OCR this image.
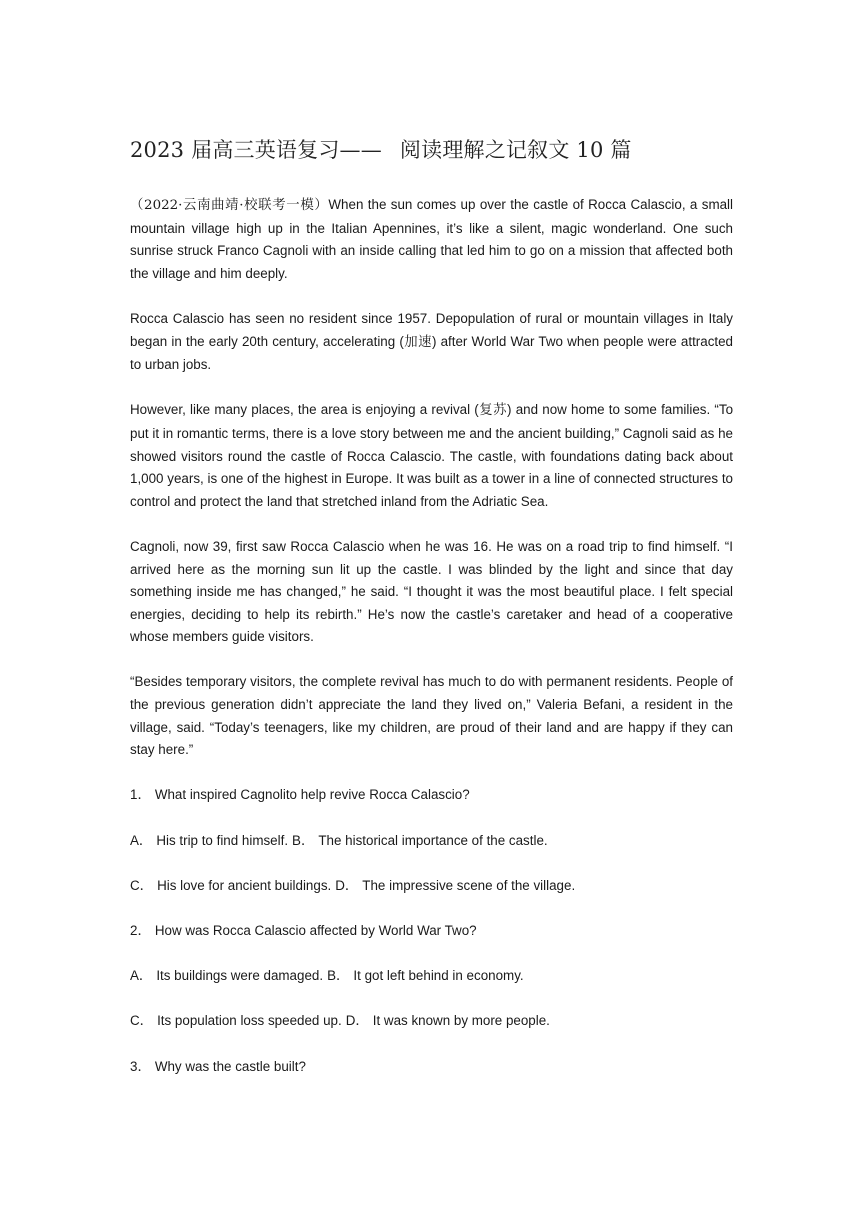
2023 届高三英语复习—— 阅读理解之记叙文 10 篇

（2022·云南曲靖·校联考一模）When the sun comes up over the castle of Rocca Calascio, a small mountain village high up in the Italian Apennines, it’s like a silent, magic wonderland. One such sunrise struck Franco Cagnoli with an inside calling that led him to go on a mission that affected both the village and him deeply.

Rocca Calascio has seen no resident since 1957. Depopulation of rural or mountain villages in Italy began in the early 20th century, accelerating (加速) after World War Two when people were attracted to urban jobs.

However, like many places, the area is enjoying a revival (复苏) and now home to some families. “To put it in romantic terms, there is a love story between me and the ancient building,” Cagnoli said as he showed visitors round the castle of Rocca Calascio. The castle, with foundations dating back about 1,000 years, is one of the highest in Europe. It was built as a tower in a line of connected structures to control and protect the land that stretched inland from the Adriatic Sea.

Cagnoli, now 39, first saw Rocca Calascio when he was 16. He was on a road trip to find himself. “I arrived here as the morning sun lit up the castle. I was blinded by the light and since that day something inside me has changed,” he said. “I thought it was the most beautiful place. I felt special energies, deciding to help its rebirth.” He’s now the castle’s caretaker and head of a cooperative whose members guide visitors.

“Besides temporary visitors, the complete revival has much to do with permanent residents. People of the previous generation didn’t appreciate the land they lived on,” Valeria Befani, a resident in the village, said. “Today’s teenagers, like my children, are proud of their land and are happy if they can stay here.”

1． What inspired Cagnolito help revive Rocca Calascio?

A． His trip to find himself. B． The historical importance of the castle.

C． His love for ancient buildings. D． The impressive scene of the village.

2． How was Rocca Calascio affected by World War Two?

A． Its buildings were damaged. B． It got left behind in economy.

C． Its population loss speeded up. D． It was known by more people.

3． Why was the castle built?
